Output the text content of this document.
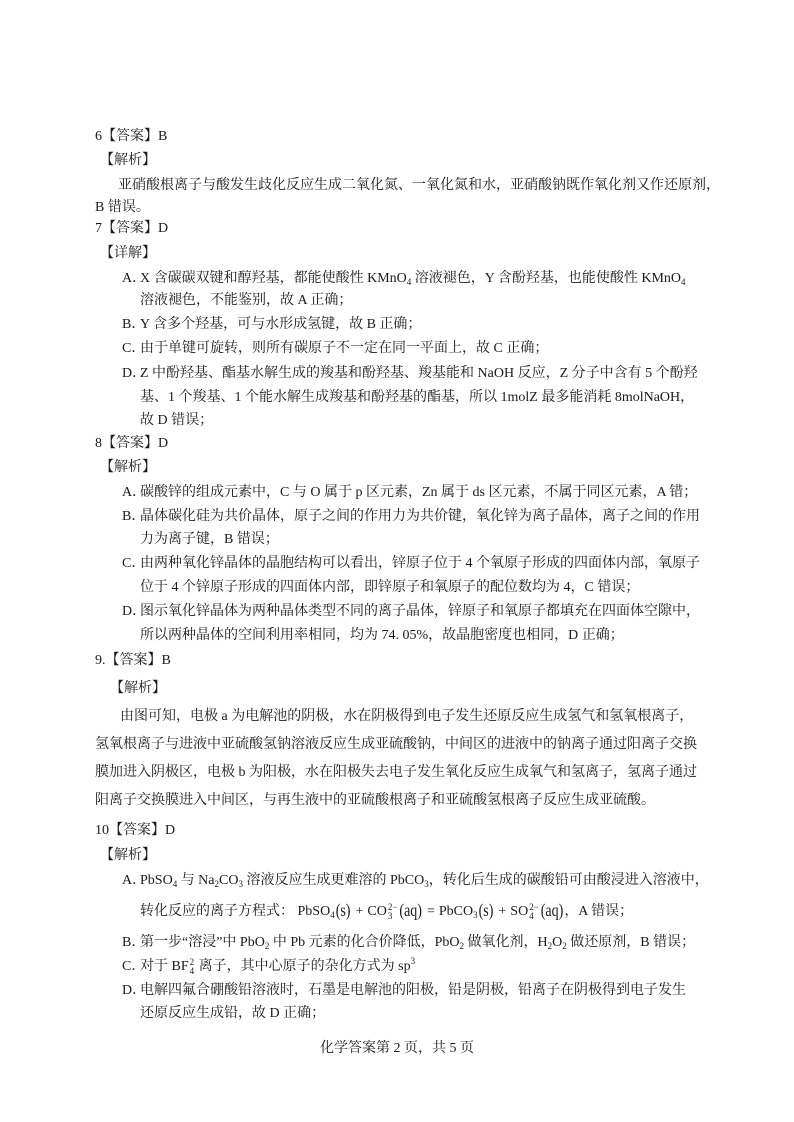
6【答案】B
【解析】
亚硝酸根离子与酸发生歧化反应生成二氧化氮、一氧化氮和水，亚硝酸钠既作氧化剂又作还原剂，
B 错误。
7【答案】D
【详解】
A．X 含碳碳双键和醇羟基，都能使酸性 KMnO$_4$ 溶液褪色，Y 含酚羟基，也能使酸性 KMnO$_4$
溶液褪色，不能鉴别，故 A 正确；
B．Y 含多个羟基，可与水形成氢键，故 B 正确；
C．由于单键可旋转，则所有碳原子不一定在同一平面上，故 C 正确；
D．Z 中酚羟基、酯基水解生成的羧基和酚羟基、羧基能和 NaOH 反应，Z 分子中含有 5 个酚羟
基、1 个羧基、1 个能水解生成羧基和酚羟基的酯基，所以 1molZ 最多能消耗 8molNaOH，
故 D 错误；
8【答案】D
【解析】
A．碳酸锌的组成元素中，C 与 O 属于 p 区元素，Zn 属于 ds 区元素，不属于同区元素，A 错；
B．晶体碳化硅为共价晶体，原子之间的作用力为共价键，氧化锌为离子晶体，离子之间的作用
力为离子键，B 错误；
C．由两种氧化锌晶体的晶胞结构可以看出，锌原子位于 4 个氧原子形成的四面体内部，氧原子
位于 4 个锌原子形成的四面体内部，即锌原子和氧原子的配位数均为 4，C 错误；
D．图示氧化锌晶体为两种晶体类型不同的离子晶体，锌原子和氧原子都填充在四面体空隙中，
所以两种晶体的空间利用率相同，均为 74. 05%，故晶胞密度也相同，D 正确；
9.【答案】B
【解析】
由图可知，电极 a 为电解池的阴极，水在阴极得到电子发生还原反应生成氢气和氢氧根离子，
氢氧根离子与进液中亚硫酸氢钠溶液反应生成亚硫酸钠，中间区的进液中的钠离子通过阳离子交换
膜加进入阴极区，电极 b 为阳极，水在阳极失去电子发生氧化反应生成氧气和氢离子，氢离子通过
阳离子交换膜进入中间区，与再生液中的亚硫酸根离子和亚硫酸氢根离子反应生成亚硫酸。
10【答案】D
【解析】
A．PbSO$_4$ 与 $Na_2CO_3$ 溶液反应生成更难溶的 PbCO$_3$，转化后生成的碳酸铅可由酸浸进入溶液中，
转化反应的离子方程式： PbSO$_4$(s) + CO 2−
3 (aq) = PbCO$_3$(s) + SO 2−
4 (aq)，A 错误；
B．第一步“溶浸”中 PbO$_2$ 中 Pb 元素的化合价降低，PbO$_2$ 做氧化剂，$H_2O_2$ 做还原剂，B 错误；
C．对于 BF 2
4 离子，其中心原子的杂化方式为 $sp^3$
D．电解四氟合硼酸铅溶液时，石墨是电解池的阳极，铅是阴极，铅离子在阴极得到电子发生
还原反应生成铅，故 D 正确；
化学答案第 2 页，共 5 页
